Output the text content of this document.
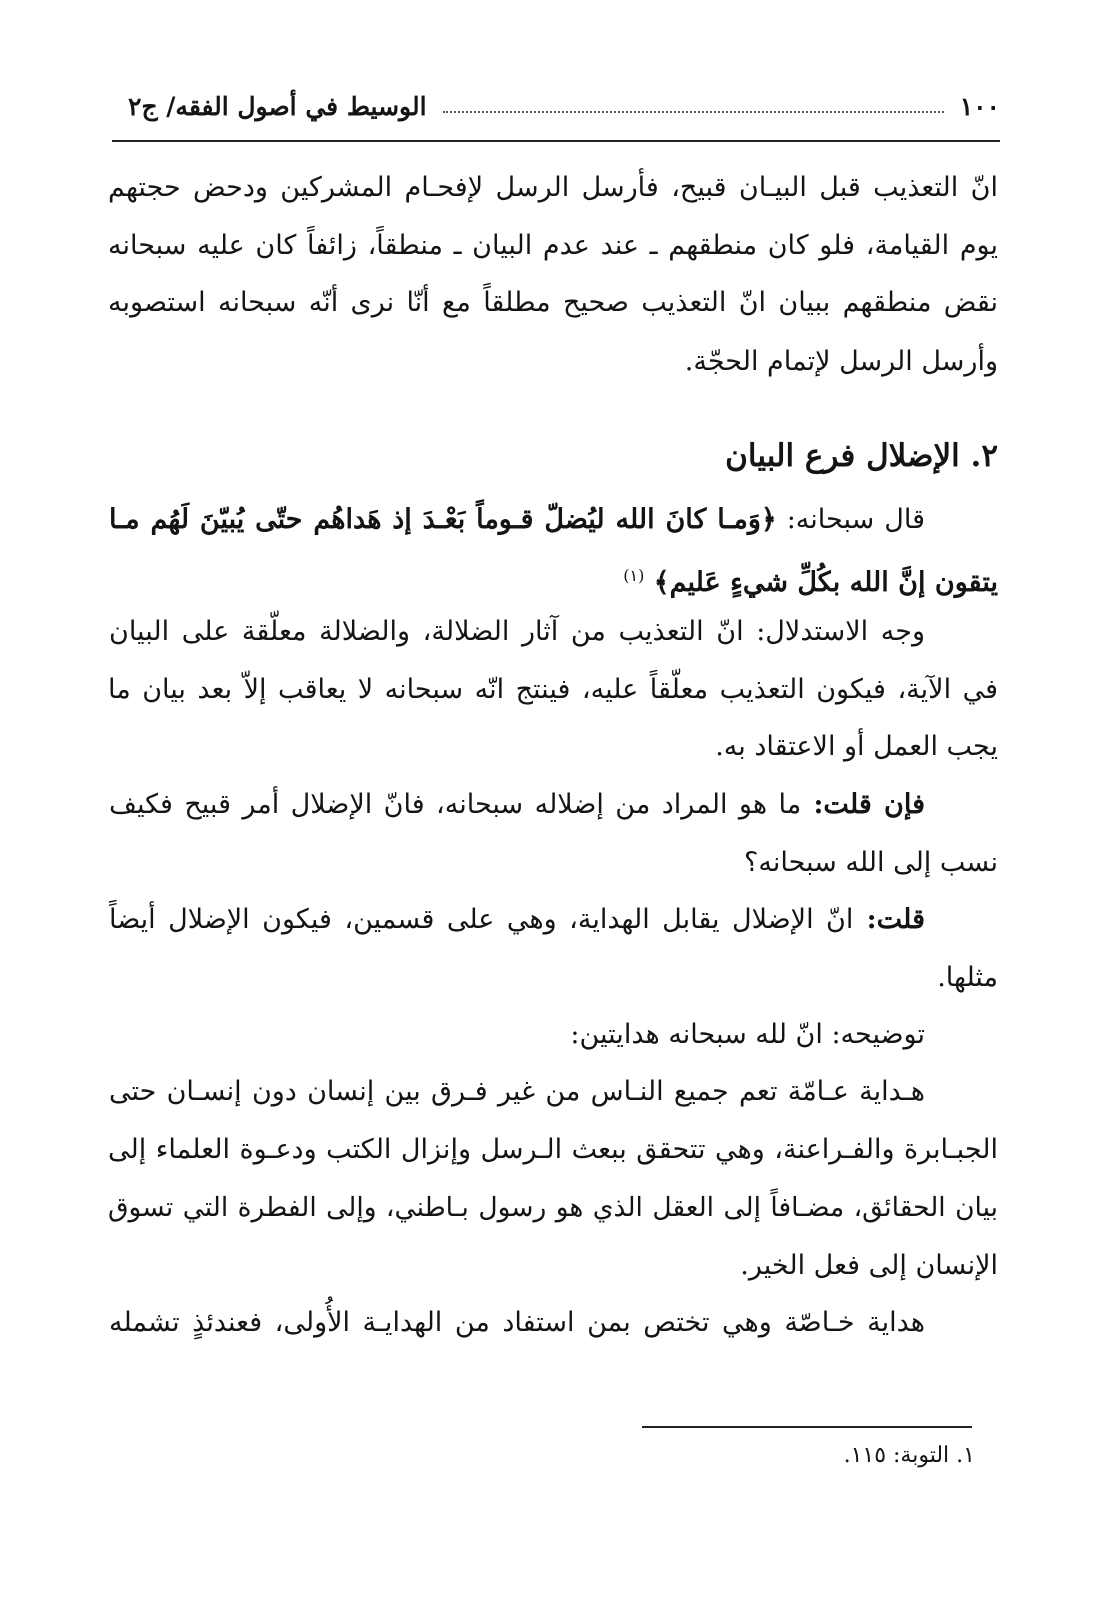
١٠٠
الوسيط في أصول الفقه/ ج٢
انّ التعذيب قبل البيـان قبيح، فأرسل الرسل لإفحـام المشركين ودحض حجتهم
يوم القيامة، فلو كان منطقهم ـ عند عدم البيان ـ منطقاً، زائفاً كان عليه سبحانه
نقض منطقهم ببيان انّ التعذيب صحيح مطلقاً مع أنّا نرى أنّه سبحانه استصوبه
وأرسل الرسل لإتمام الحجّة.
٢. الإضلال فرع البيان
قال سبحانه: ﴿وَمـا كانَ الله ليُضلّ قـوماً بَعْـدَ إذ هَداهُم حتّى يُبيّنَ لَهُم مـا
يتقون إنَّ الله بكُلِّ شيءٍ عَليم﴾ $^{(١)}$
وجه الاستدلال: انّ التعذيب من آثار الضلالة، والضلالة معلّقة على البيان
في الآية، فيكون التعذيب معلّقاً عليه، فينتج انّه سبحانه لا يعاقب إلاّ بعد بيان ما
يجب العمل أو الاعتقاد به.
فإن قلت: ما هو المراد من إضلاله سبحانه، فانّ الإضلال أمر قبيح فكيف
نسب إلى الله سبحانه؟
قلت: انّ الإضلال يقابل الهداية، وهي على قسمين، فيكون الإضلال أيضاً
مثلها.
توضيحه: انّ لله سبحانه هدايتين:
هـداية عـامّة تعم جميع النـاس من غير فـرق بين إنسان دون إنسـان حتى
الجبـابرة والفـراعنة، وهي تتحقق ببعث الـرسل وإنزال الكتب ودعـوة العلماء إلى
بيان الحقائق، مضـافاً إلى العقل الذي هو رسول بـاطني، وإلى الفطرة التي تسوق
الإنسان إلى فعل الخير.
هداية خـاصّة وهي تختص بمن استفاد من الهدايـة الأُولى، فعندئذٍ تشمله
١. التوبة: ١١٥.
